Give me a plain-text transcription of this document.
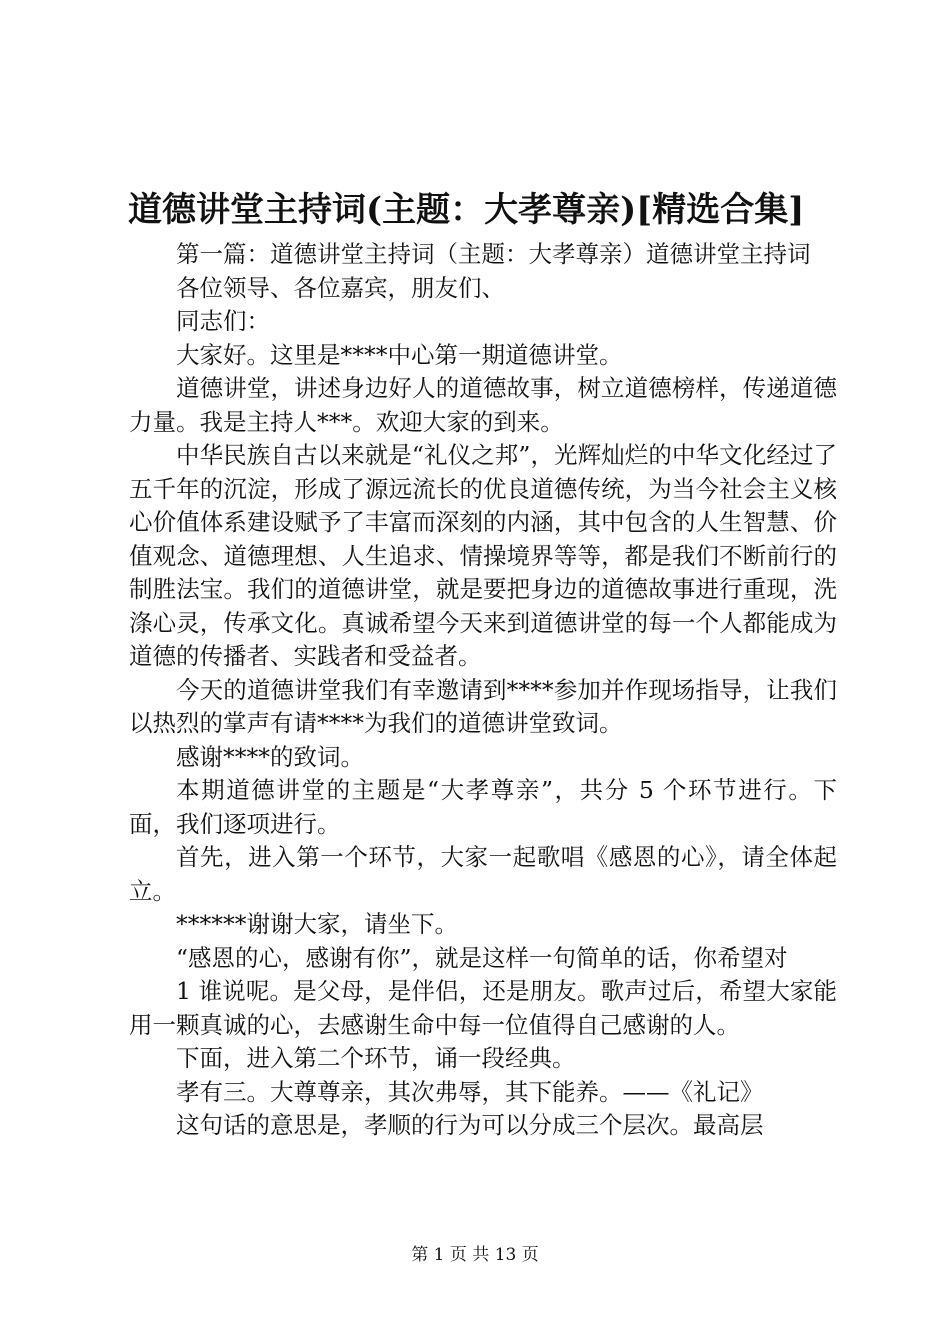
道德讲堂主持词(主题：大孝尊亲)[精选合集]

第一篇：道德讲堂主持词（主题：大孝尊亲）道德讲堂主持词

各位领导、各位嘉宾，朋友们、

同志们：

大家好。这里是****中心第一期道德讲堂。

道德讲堂，讲述身边好人的道德故事，树立道德榜样，传递道德力量。我是主持人***。欢迎大家的到来。

中华民族自古以来就是“礼仪之邦”，光辉灿烂的中华文化经过了五千年的沉淀，形成了源远流长的优良道德传统，为当今社会主义核心价值体系建设赋予了丰富而深刻的内涵，其中包含的人生智慧、价值观念、道德理想、人生追求、情操境界等等，都是我们不断前行的制胜法宝。我们的道德讲堂，就是要把身边的道德故事进行重现，洗涤心灵，传承文化。真诚希望今天来到道德讲堂的每一个人都能成为道德的传播者、实践者和受益者。

今天的道德讲堂我们有幸邀请到****参加并作现场指导，让我们以热烈的掌声有请****为我们的道德讲堂致词。

感谢****的致词。

本期道德讲堂的主题是“大孝尊亲”，共分 5 个环节进行。下面，我们逐项进行。

首先，进入第一个环节，大家一起歌唱《感恩的心》，请全体起立。

******谢谢大家，请坐下。

“感恩的心，感谢有你”，就是这样一句简单的话，你希望对

1 谁说呢。是父母，是伴侣，还是朋友。歌声过后，希望大家能用一颗真诚的心，去感谢生命中每一位值得自己感谢的人。

下面，进入第二个环节，诵一段经典。

孝有三。大尊尊亲，其次弗辱，其下能养。——《礼记》

这句话的意思是，孝顺的行为可以分成三个层次。最高层

第 1 页 共 13 页
